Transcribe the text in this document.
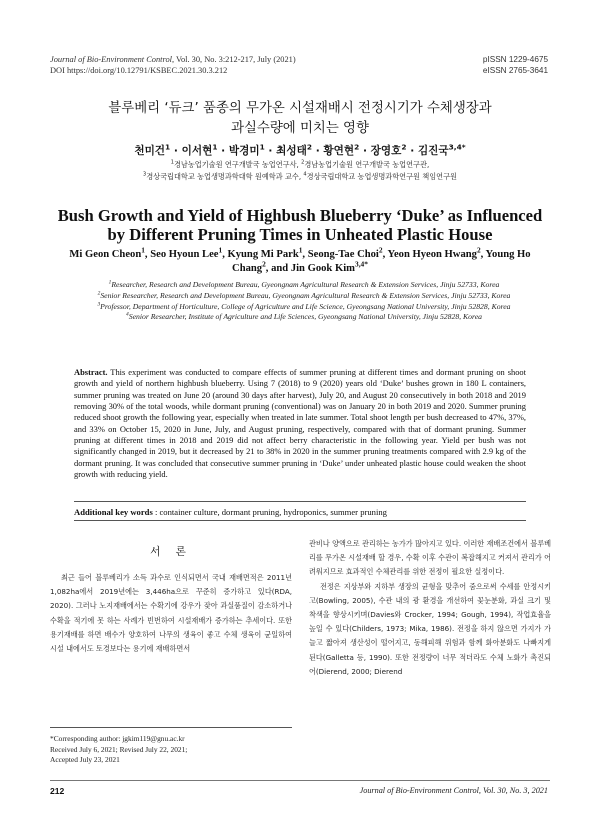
Journal of Bio-Environment Control, Vol. 30, No. 3:212-217, July (2021)
DOI https://doi.org/10.12791/KSBEC.2021.30.3.212
pISSN 1229-4675
eISSN 2765-3641
블루베리 ‘듀크’ 품종의 무가온 시설재배시 전정시기가 수체생장과
과실수량에 미치는 영향
천미건$^1$ · 이서현$^1$ · 박경미$^1$ · 최성태$^2$ · 황연현$^2$ · 장영호$^2$ · 김진국$^{3,4*}$
$^1$경남농업기술원 연구개발국 농업연구사, $^2$경남농업기술원 연구개발국 농업연구관,
$^3$경상국립대학교 농업생명과학대학 원예학과 교수, $^4$경상국립대학교 농업생명과학연구원 책임연구원
Bush Growth and Yield of Highbush Blueberry ‘Duke’ as Influenced
by Different Pruning Times in Unheated Plastic House
Mi Geon Cheon$^1$, Seo Hyoun Lee$^1$, Kyung Mi Park$^1$, Seong-Tae Choi$^2$, Yeon Hyeon Hwang$^2$, Young Ho Chang$^2$, and Jin Gook Kim$^{3,4*}$
$^1$Researcher, Research and Development Bureau, Gyeongnam Agricultural Research & Extension Services, Jinju 52733, Korea
$^2$Senior Researcher, Research and Development Bureau, Gyeongnam Agricultural Research & Extension Services, Jinju 52733, Korea
$^3$Professor, Department of Horticulture, College of Agriculture and Life Science, Gyeongsang National University, Jinju 52828, Korea
$^4$Senior Researcher, Institute of Agriculture and Life Sciences, Gyeongsang National University, Jinju 52828, Korea
Abstract. This experiment was conducted to compare effects of summer pruning at different times and dormant pruning on shoot growth and yield of northern highbush blueberry. Using 7 (2018) to 9 (2020) years old ‘Duke’ bushes grown in 180 L containers, summer pruning was treated on June 20 (around 30 days after harvest), July 20, and August 20 consecutively in both 2018 and 2019 removing 30% of the total woods, while dormant pruning (conventional) was on January 20 in both 2019 and 2020. Summer pruning reduced shoot growth the following year, especially when treated in late summer. Total shoot length per bush decreased to 47%, 37%, and 33% on October 15, 2020 in June, July, and August pruning, respectively, compared with that of dormant pruning. Summer pruning at different times in 2018 and 2019 did not affect berry characteristic in the following year. Yield per bush was not significantly changed in 2019, but it decreased by 21 to 38% in 2020 in the summer pruning treatments compared with 2.9 kg of the dormant pruning. It was concluded that consecutive summer pruning in ‘Duke’ under unheated plastic house could weaken the shoot growth with reducing yield.
Additional key words : container culture, dormant pruning, hydroponics, summer pruning
서 론

최근 들어 블루베리가 소득 과수로 인식되면서 국내 재배면적은 2011년 1,082ha에서 2019년에는 3,446ha으로 꾸준히 증가하고 있다(RDA, 2020). 그러나 노지재배에서는 수확기에 강우가 잦아 과실품질이 감소하거나 수확을 적기에 못 하는 사례가 빈번하여 시설재배가 증가하는 추세이다. 또한 용기재배를 하면 배수가 양호하여 나무의 생육이 좋고 수체 생육이 균일하여 시설 내에서도 토경보다는 용기에 재배하면서

관비나 양액으로 관리하는 농가가 많아지고 있다. 이러한 재배조건에서 블루베리를 무가온 시설재배 할 경우, 수확 이후 수관이 복잡해지고 커져서 관리가 어려워지므로 효과적인 수체관리를 위한 전정이 필요한 실정이다.

전정은 지상부와 지하부 생장의 균형을 맞추어 줌으로써 수세를 안정시키고(Bowling, 2005), 수관 내의 광 환경을 개선하여 꽃눈분화, 과실 크기 및 착색을 향상시키며(Davies와 Crocker, 1994; Gough, 1994), 작업효율을 높일 수 있다(Childers, 1973; Mika, 1986). 전정을 하지 않으면 가지가 가늘고 짧아져 생산성이 떨어지고, 동해피해 위험과 함께 화아분화도 나빠지게 된다(Galletta 등, 1990). 또한 전정량이 너무 적더라도 수체 노화가 촉진되어(Dierend, 2000; Dierend

*Corresponding author: jgkim119@gnu.ac.kr
Received July 6, 2021; Revised July 22, 2021;
Accepted July 23, 2021
212	Journal of Bio-Environment Control, Vol. 30, No. 3, 2021
